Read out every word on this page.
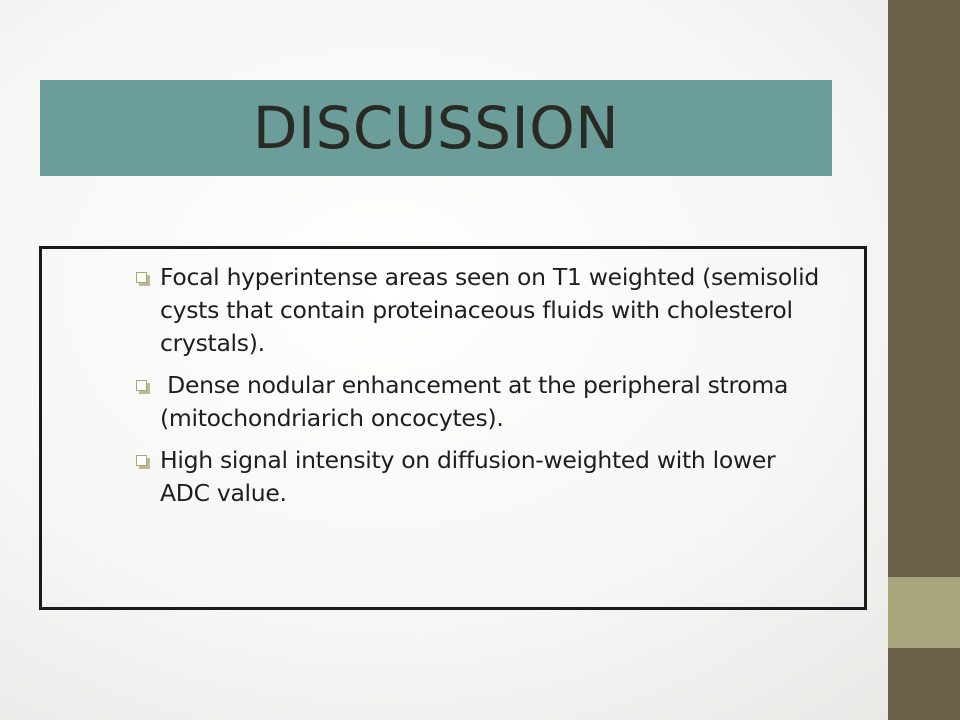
DISCUSSION
Focal hyperintense areas seen on T1 weighted (semisolid cysts that contain proteinaceous fluids with cholesterol crystals).
Dense nodular enhancement at the peripheral stroma (mitochondriarich oncocytes).
High signal intensity on diffusion-weighted with lower ADC value.
